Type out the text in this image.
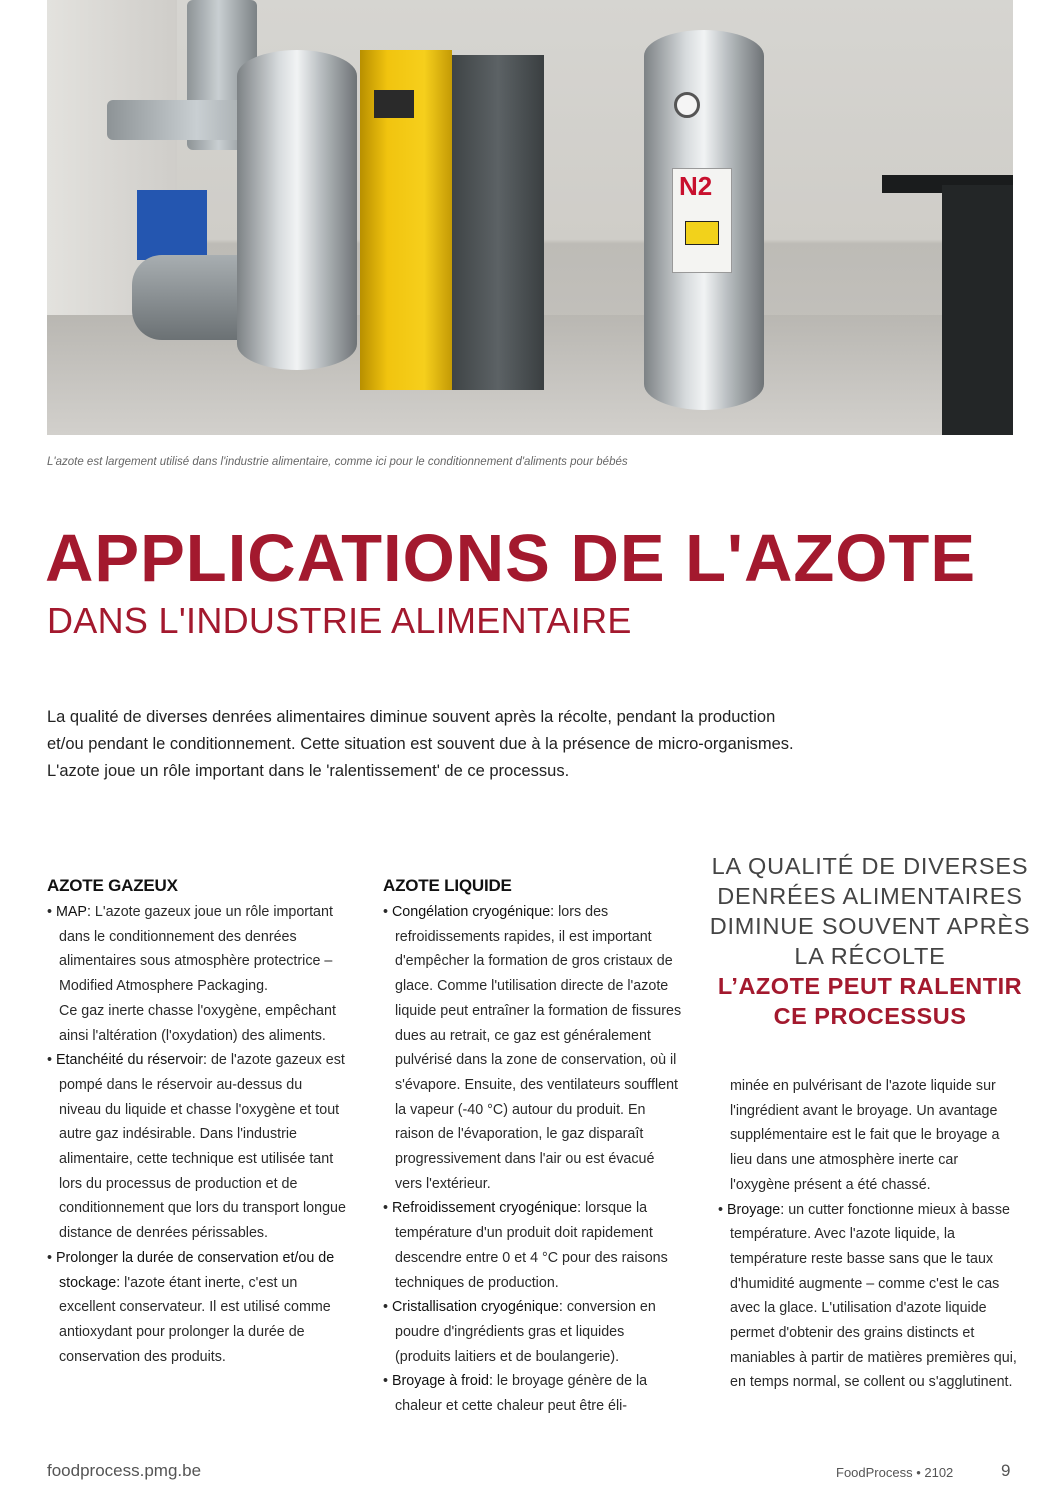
N2
L'azote est largement utilisé dans l'industrie alimentaire, comme ici pour le conditionnement d'aliments pour bébés
APPLICATIONS DE L'AZOTE
DANS L'INDUSTRIE ALIMENTAIRE

La qualité de diverses denrées alimentaires diminue souvent après la récolte, pendant la production et/ou pendant le conditionnement. Cette situation est souvent due à la présence de micro-organismes. L'azote joue un rôle important dans le 'ralentissement' de ce processus.

AZOTE GAZEUX

• MAP: L'azote gazeux joue un rôle important dans le conditionnement des denrées alimentaires sous atmosphère protectrice – Modified Atmosphere Packaging.

Ce gaz inerte chasse l'oxygène, empêchant ainsi l'altération (l'oxydation) des aliments.

• Etanchéité du réservoir: de l'azote gazeux est pompé dans le réservoir au-dessus du niveau du liquide et chasse l'oxygène et tout autre gaz indésirable. Dans l'industrie alimentaire, cette technique est utilisée tant lors du processus de production et de conditionnement que lors du transport longue distance de denrées périssables.

• Prolonger la durée de conservation et/ou de stockage: l'azote étant inerte, c'est un excellent conservateur. Il est utilisé comme antioxydant pour prolonger la durée de conservation des produits.

AZOTE LIQUIDE

• Congélation cryogénique: lors des refroidissements rapides, il est important d'empêcher la formation de gros cristaux de glace. Comme l'utilisation directe de l'azote liquide peut entraîner la formation de fissures dues au retrait, ce gaz est généralement pulvérisé dans la zone de conservation, où il s'évapore. Ensuite, des ventilateurs soufflent la vapeur (-40 °C) autour du produit. En raison de l'évaporation, le gaz disparaît progressivement dans l'air ou est évacué vers l'extérieur.

• Refroidissement cryogénique: lorsque la température d'un produit doit rapidement descendre entre 0 et 4 °C pour des raisons techniques de production.

• Cristallisation cryogénique: conversion en poudre d'ingrédients gras et liquides (produits laitiers et de boulangerie).

• Broyage à froid: le broyage génère de la chaleur et cette chaleur peut être éli-

LA QUALITÉ DE DIVERSES DENRÉES ALIMENTAIRES DIMINUE SOUVENT APRÈS LA RÉCOLTE
L’AZOTE PEUT RALENTIR CE PROCESSUS

minée en pulvérisant de l'azote liquide sur l'ingrédient avant le broyage. Un avantage supplémentaire est le fait que le broyage a lieu dans une atmosphère inerte car l'oxygène présent a été chassé.

• Broyage: un cutter fonctionne mieux à basse température. Avec l'azote liquide, la température reste basse sans que le taux d'humidité augmente – comme c'est le cas avec la glace. L'utilisation d'azote liquide permet d'obtenir des grains distincts et maniables à partir de matières premières qui, en temps normal, se collent ou s'agglutinent.

foodprocess.pmg.be	FoodProcess • 2102	9
